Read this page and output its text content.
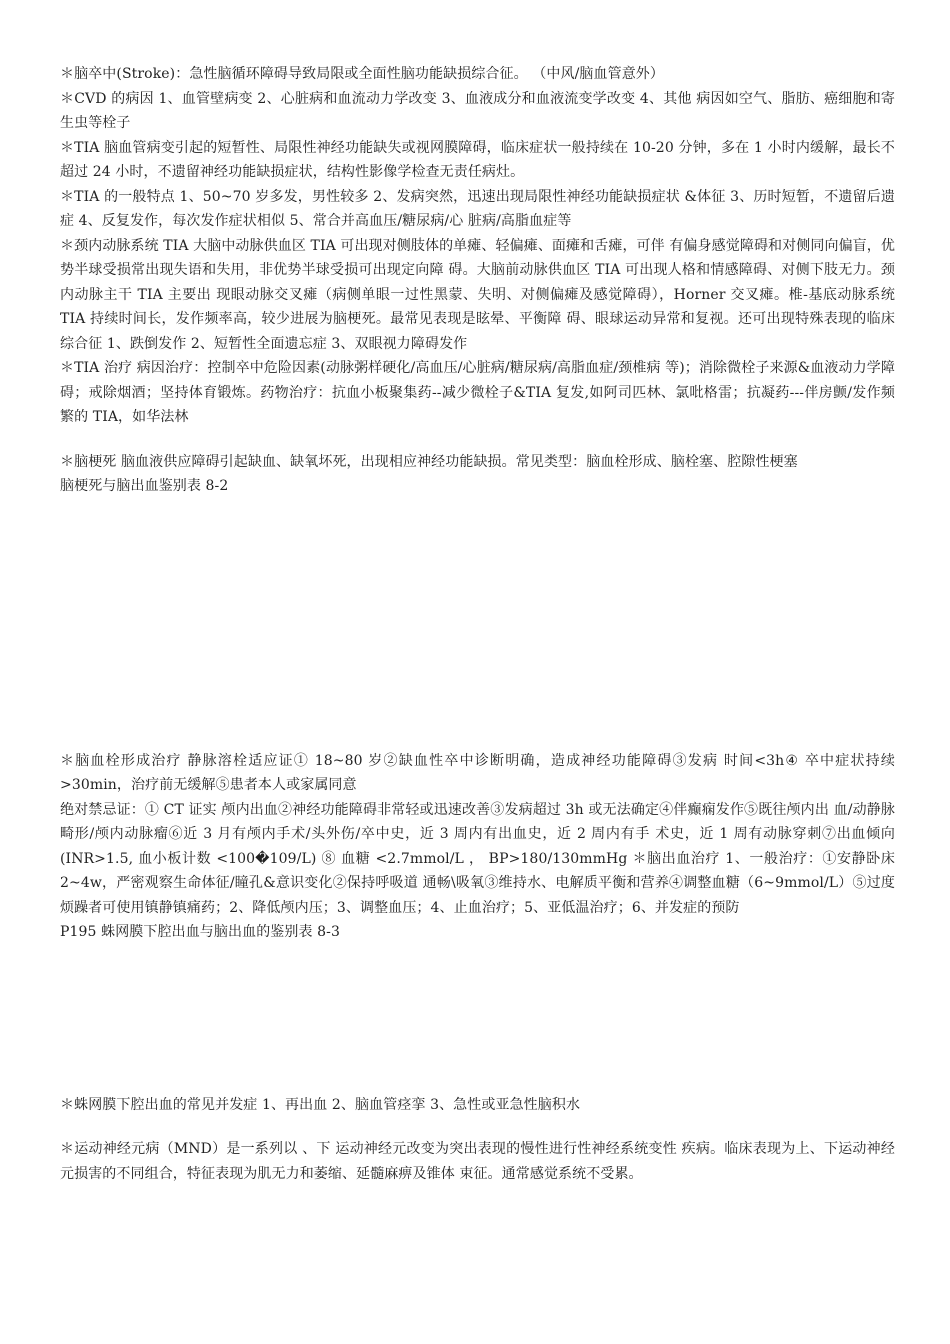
＊脑卒中(Stroke)：急性脑循环障碍导致局限或全面性脑功能缺损综合征。 （中风/脑血管意外）

＊CVD 的病因 1、血管壁病变 2、心脏病和血流动力学改变 3、血液成分和血液流变学改变 4、其他 病因如空气、脂肪、癌细胞和寄生虫等栓子

＊TIA 脑血管病变引起的短暂性、局限性神经功能缺失或视网膜障碍，临床症状一般持续在 10-20 分钟，多在 1 小时内缓解，最长不超过 24 小时，不遗留神经功能缺损症状，结构性影像学检查无责任病灶。

＊TIA 的一般特点 1、50~70 岁多发，男性较多 2、发病突然，迅速出现局限性神经功能缺损症状 &体征 3、历时短暂，不遗留后遗症 4、反复发作，每次发作症状相似 5、常合并高血压/糖尿病/心 脏病/高脂血症等

＊颈内动脉系统 TIA 大脑中动脉供血区 TIA 可出现对侧肢体的单瘫、轻偏瘫、面瘫和舌瘫，可伴 有偏身感觉障碍和对侧同向偏盲，优势半球受损常出现失语和失用，非优势半球受损可出现定向障 碍。大脑前动脉供血区 TIA 可出现人格和情感障碍、对侧下肢无力。颈内动脉主干 TIA 主要出 现眼动脉交叉瘫（病侧单眼一过性黑蒙、失明、对侧偏瘫及感觉障碍），Horner 交叉瘫。椎-基底动脉系统 TIA 持续时间长，发作频率高，较少进展为脑梗死。最常见表现是眩晕、平衡障 碍、眼球运动异常和复视。还可出现特殊表现的临床综合征 1、跌倒发作 2、短暂性全面遗忘症 3、双眼视力障碍发作

＊TIA 治疗 病因治疗：控制卒中危险因素(动脉粥样硬化/高血压/心脏病/糖尿病/高脂血症/颈椎病 等)；消除微栓子来源&血液动力学障碍；戒除烟酒；坚持体育锻炼。药物治疗：抗血小板聚集药--减少微栓子&TIA 复发,如阿司匹林、氯吡格雷；抗凝药---伴房颤/发作频繁的 TIA，如华法林

＊脑梗死 脑血液供应障碍引起缺血、缺氧坏死，出现相应神经功能缺损。常见类型：脑血栓形成、脑栓塞、腔隙性梗塞

脑梗死与脑出血鉴别表 8-2

＊脑血栓形成治疗 静脉溶栓适应证① 18~80 岁②缺血性卒中诊断明确，造成神经功能障碍③发病 时间<3h④ 卒中症状持续>30min，治疗前无缓解⑤患者本人或家属同意

绝对禁忌证：① CT 证实 颅内出血②神经功能障碍非常轻或迅速改善③发病超过 3h 或无法确定④伴癫痫发作⑤既往颅内出 血/动静脉畸形/颅内动脉瘤⑥近 3 月有颅内手术/头外伤/卒中史，近 3 周内有出血史，近 2 周内有手 术史，近 1 周有动脉穿刺⑦出血倾向 (INR>1.5, 血小板计数 <100�109/L) ⑧ 血糖 <2.7mmol/L ， BP>180/130mmHg ＊脑出血治疗 1、一般治疗：①安静卧床 2~4w，严密观察生命体征/瞳孔&意识变化②保持呼吸道 通畅\吸氧③维持水、电解质平衡和营养④调整血糖（6~9mmol/L）⑤过度烦躁者可使用镇静镇痛药；2、降低颅内压；3、调整血压；4、止血治疗；5、亚低温治疗；6、并发症的预防

P195 蛛网膜下腔出血与脑出血的鉴别表 8-3

＊蛛网膜下腔出血的常见并发症 1、再出血 2、脑血管痉挛 3、急性或亚急性脑积水

＊运动神经元病（MND）是一系列以 、下 运动神经元改变为突出表现的慢性进行性神经系统变性 疾病。临床表现为上、下运动神经元损害的不同组合，特征表现为肌无力和萎缩、延髓麻痹及锥体 束征。通常感觉系统不受累。
